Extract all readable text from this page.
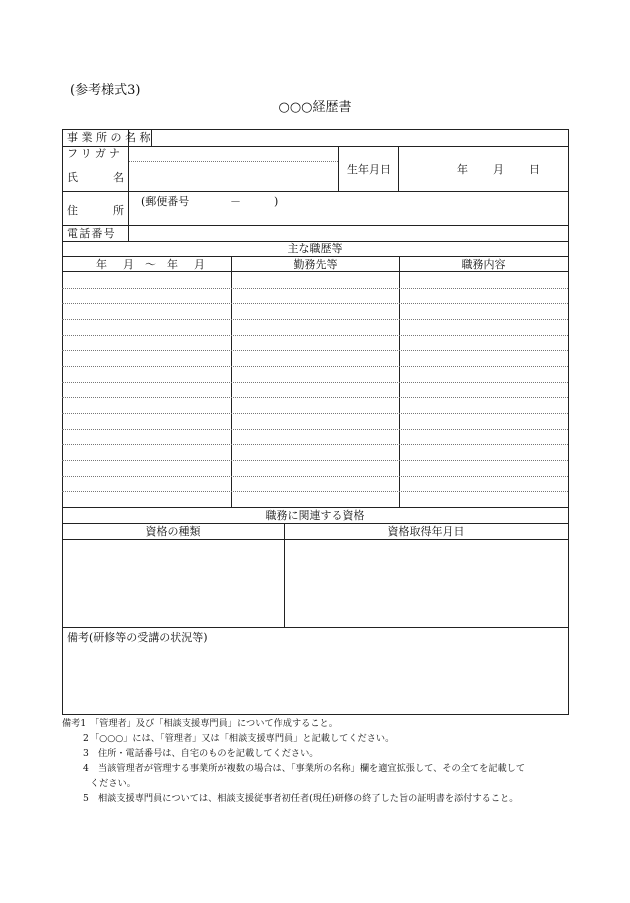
(参考様式3)
○○○経歴書
事業所の名称
フリガナ
氏	名
生年月日	年 月 日
住	所
(郵便番号	－	)
電話番号
主な職歴等
年 月 ～ 年 月	勤務先等	職務内容
職務に関連する資格
資格の種類	資格取得年月日
備考(研修等の受講の状況等)
備考1 「管理者」及び「相談支援専門員」について作成すること。
2 「○○○」には、「管理者」又は「相談支援専門員」と記載してください。
3 住所・電話番号は、自宅のものを記載してください。
4 当該管理者が管理する事業所が複数の場合は、「事業所の名称」欄を適宜拡張して、その全てを記載して
ください。
5 相談支援専門員については、相談支援従事者初任者(現任)研修の終了した旨の証明書を添付すること。
